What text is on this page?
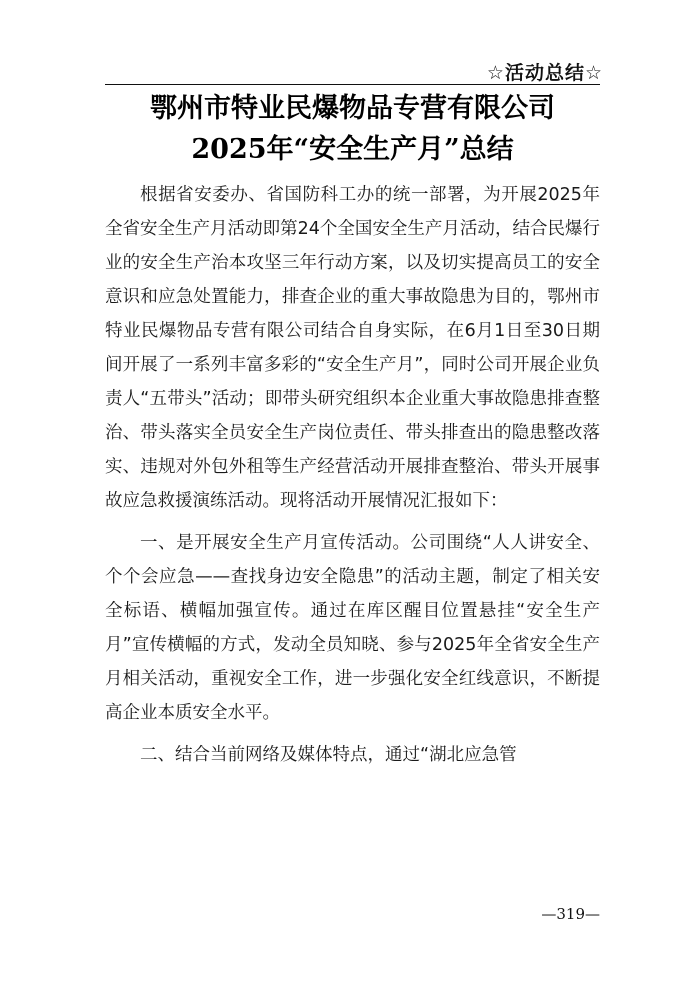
☆活动总结☆
鄂州市特业民爆物品专营有限公司
2025年“安全生产月”总结

根据省安委办、省国防科工办的统一部署，为开展2025年全省安全生产月活动即第24个全国安全生产月活动，结合民爆行业的安全生产治本攻坚三年行动方案，以及切实提高员工的安全意识和应急处置能力，排查企业的重大事故隐患为目的，鄂州市特业民爆物品专营有限公司结合自身实际，在6月1日至30日期间开展了一系列丰富多彩的“安全生产月”，同时公司开展企业负责人“五带头”活动；即带头研究组织本企业重大事故隐患排查整治、带头落实全员安全生产岗位责任、带头排查出的隐患整改落实、违规对外包外租等生产经营活动开展排查整治、带头开展事故应急救援演练活动。现将活动开展情况汇报如下：

一、是开展安全生产月宣传活动。公司围绕“人人讲安全、个个会应急——查找身边安全隐患”的活动主题，制定了相关安全标语、横幅加强宣传。通过在库区醒目位置悬挂“安全生产月”宣传横幅的方式，发动全员知晓、参与2025年全省安全生产月相关活动，重视安全工作，进一步强化安全红线意识，不断提高企业本质安全水平。

二、结合当前网络及媒体特点，通过“湖北应急管

—319—
